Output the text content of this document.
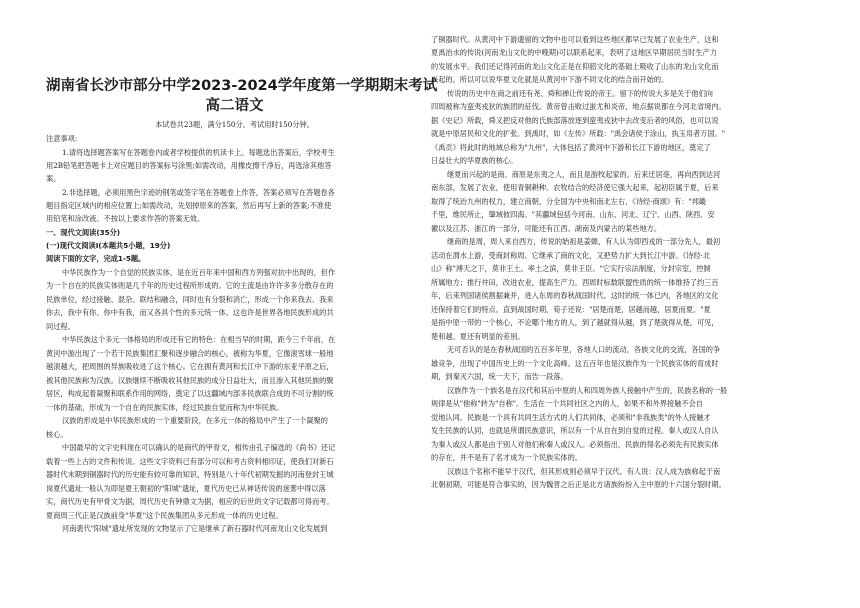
湖南省长沙市部分中学2023-2024学年度第一学期期末考试
高二语文
本试卷共23题，满分150分。考试用时150分钟。
注意事项:
1.请将选择题答案写在答题卷内或者学校提供的机读卡上。每题选出答案后，学校考生
用2B铅笔把答题卡上对应题目的答案标号涂黑;如需改动，用橡皮擦干净后，再选涂其他答
案。
2.非选择题，必须用黑色字迹的钢笔或签字笔在答题卷上作答，答案必须写在答题卷各
题目指定区域内的相应位置上;如需改动，先划掉原来的答案，然后再写上新的答案;不准使
用铅笔和涂改液。不按以上要求作答的答案无效。
一、现代文阅读(35分)
(一)现代文阅读Ⅰ(本题共5小题，19分)
阅读下面的文字，完成1-5题。
中华民族作为一个自觉的民族实体，是在近百年来中国和西方列强对抗中出现的，但作
为一个自在的民族实体则是几千年的历史过程所形成的。它的主流是由许许多多分散存在的
民族单位，经过接触、混杂、联结和融合，同时也有分裂和消亡，形成一个你来我去、我来
你去，我中有你、你中有我，而又各具个性的多元统一体。这也许是世界各地民族形成的共
同过程。
中华民族这个多元一体格局的形成还有它的特色：在相当早的时期，距今三千年前，在
黄河中游出现了一个若干民族集团汇聚和逐步融合的核心，被称为华夏，它像滚雪球一般地
越滚越大，把周围的异族吸收进了这个核心。它在拥有黄河和长江中下游的东亚平原之后，
被其他民族称为汉族。汉族继续不断吸收其他民族的成分日益壮大，而且渗入其他民族的聚
居区，构成起着凝聚和联系作用的网络，奠定了以这疆域内部多民族联合成的不可分割的统
一体的基础，形成为一个自在的民族实体，经过民族自觉而称为中华民族。
汉族的形成是中华民族形成的一个重要阶段，在多元一体的格局中产生了一个凝聚的
核心。
中国最早的文字史料现在可以确认的是商代的甲骨文，相传由孔子编选的《尚书》还记
载着一些上古的文件和传说。这些文字资料已有部分可以和考古资料相印证，使我们对新石
器时代末期到铜器时代的历史能有较可靠的知识，特别是八十年代初期发掘的河南登封王城
岗夏代遗址一般认为即是夏王朝初的"阳城"遗址，夏代历史已从神话传说的迷雾中得以落
实，商代历史有甲骨文为据，周代历史有钟鼎文为据，相应的后世的文字记载都可得而考。
夏商周三代正是汉族前身"华夏"这个民族集团从多元形成一体的历史过程。
河南裴代"阳城"遗址所发现的文物显示了它是继承了新石器时代河南龙山文化发展到
了铜器时代。从黄河中下游遗留的文物中也可以看到这些地区都早已发展了农业生产，这和
夏禹治水的传说(河南龙山文化的中晚期)可以联系起来，表明了这地区早期居民当时生产力
的发展水平。我们还记得河南的龙山文化正是在仰韶文化的基础上吸收了山东的龙山文化而
兴起的。所以可以说华夏文化就是从黄河中下游不同文化的结合而开始的。
传说的历史中在商之前还有尧、舜和禅让传说的帝王。留下的传说大多是关于他们向
四周被称为蛮夷戎狄的族团的征伐。黄帝曾击败过蚩尤和炎帝，地点据说都在今河北省境内。
据《史记》所载，舜又把反对他的氏族部落放逐到蛮夷戎狄中去改变后者的风俗，也可以说
就是中原居民和文化的扩张。到禹时，如《左传》所载："禹会诸侯于涂山，执玉帛者万国。"
《禹贡》将此时的地域总称为"九州"，大体包括了黄河中下游和长江下游的地区，奠定了
日益壮大的华夏族的核心。
继夏而兴起的是商。商原是东夷之人，而且是游牧起家的。后来迁居亳，再向西到达河
南东部，发展了农业，使用青铜耕种。农牧结合的经济使它强大起来，起初臣属于夏，后来
取得了统治九州的权力，建立商朝，分全国为中央和南北左右，《诗经·商颂》有："邦畿
千里，维民所止，肇域彼四海。"其疆域包括今河南、山东、河北、辽宁、山西、陕西、安
徽以及江苏、浙江的一部分，可能还有江西、湖南及内蒙古的某些地方。
继商的是周，周人来自西方，传说的始祖是姜嫄，有人认为即西戎的一部分先人，最初
活动在渭水上游，受商封称周。它继承了商的文化，又把势力扩大到长江中游。《诗经·北
山》称"溥天之下，莫非王土。率土之滨，莫非王臣。"它实行宗法制度，分封宗室，控制
所属地方；推行井田，改进农业，提高生产力，西周时标数联盟性质的统一体维持了约三百
年，后来列国诸侯割据兼并，进入东周的春秋战国时代。这时的统一体已内，各地区的文化
还保持着它们的特点。直到战国时期，荀子还说："居楚而楚，居越而越，居夏而夏。"夏
是指中原一带的一个核心，不论哪个地方的人，到了越就得从越，到了楚就得从楚，可见，
楚和越、夏还有明显的差别。
无可否认的是在春秋战国的五百多年里，各地人口的流动，各族文化的交流，各国的争
雄竞争，出现了中国历史上的一个文化高峰。这五百年也是汉族作为一个民族实体的育成时
期，到秦灭六国，统一天下，而告一段落。
汉族作为一个族名是在汉代和其后中原的人和四周外族人接触中产生的，民族名称的一般
规律是从"他称"转为"自称"。生活在一个共同社区之内的人，如果不和外界接触不会自
觉地认同。民族是一个具有共同生活方式的人们共同体，必须和"非我族类"的外人接触才
发生民族的认同，也就是所谓民族意识，所以有一个从自在到自觉的过程。秦人或汉人自认
为秦人或汉人都是由于别人对他们称秦人或汉人。必须指出，民族的得名必须先有民族实体
的存在，并不是有了名才成为一个民族实体的。
汉族这个名称不能早于汉代，但其形成则必须早于汉代。有人说：汉人成为族称起于南
北朝初期，可能是符合事实的，因为魏晋之后正是北方诸族纷纷入主中原的十六国分裂时期。
